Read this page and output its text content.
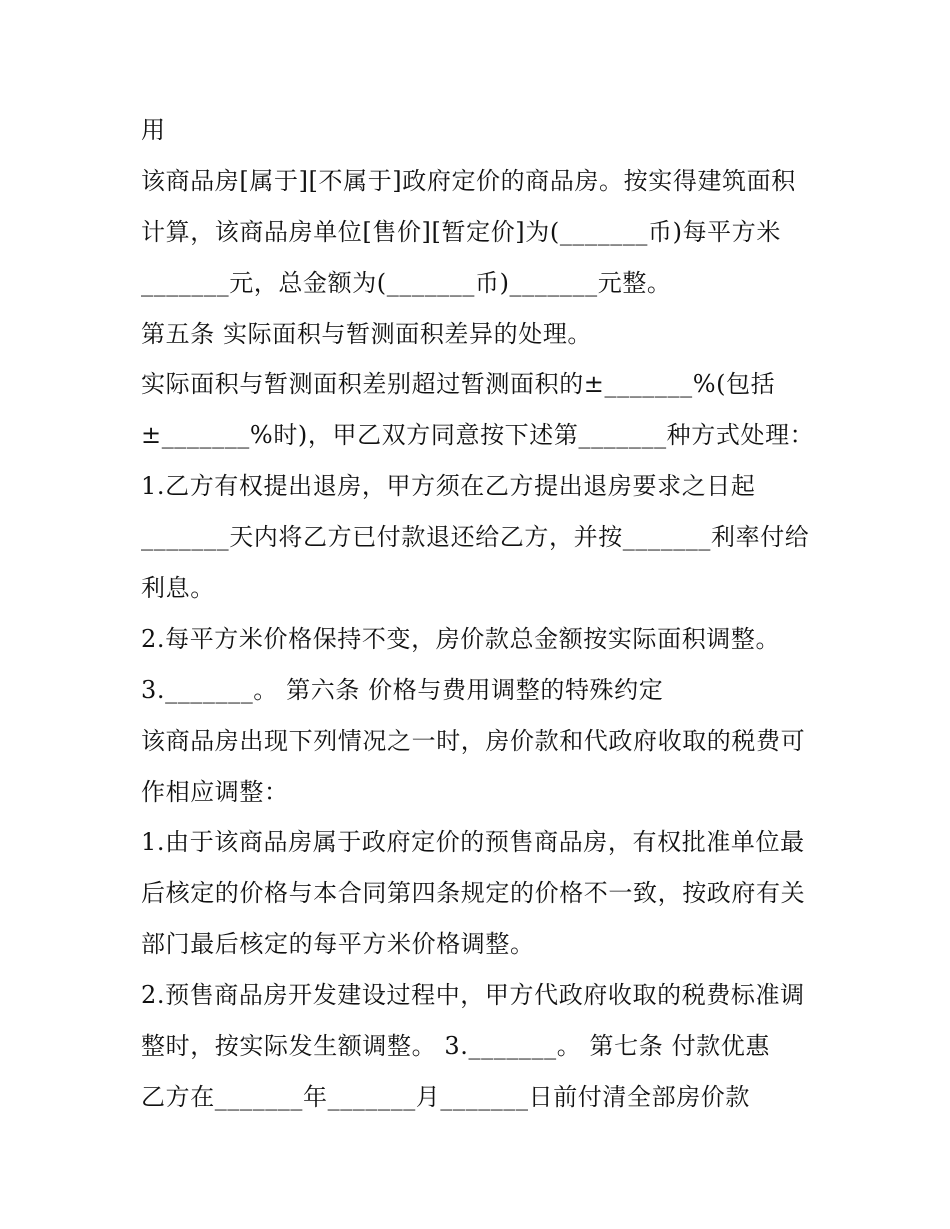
用
该商品房[属于][不属于]政府定价的商品房。按实得建筑面积
计算，该商品房单位[售价][暂定价]为(_______币)每平方米
_______元，总金额为(_______币)_______元整。
第五条 实际面积与暂测面积差异的处理。
实际面积与暂测面积差别超过暂测面积的±_______%(包括
±_______%时)，甲乙双方同意按下述第_______种方式处理：
1.乙方有权提出退房，甲方须在乙方提出退房要求之日起
_______天内将乙方已付款退还给乙方，并按_______利率付给
利息。
2.每平方米价格保持不变，房价款总金额按实际面积调整。
3._______。 第六条 价格与费用调整的特殊约定
该商品房出现下列情况之一时，房价款和代政府收取的税费可
作相应调整：
1.由于该商品房属于政府定价的预售商品房，有权批准单位最
后核定的价格与本合同第四条规定的价格不一致，按政府有关
部门最后核定的每平方米价格调整。
2.预售商品房开发建设过程中，甲方代政府收取的税费标准调
整时，按实际发生额调整。 3._______。 第七条 付款优惠
乙方在_______年_______月_______日前付清全部房价款
